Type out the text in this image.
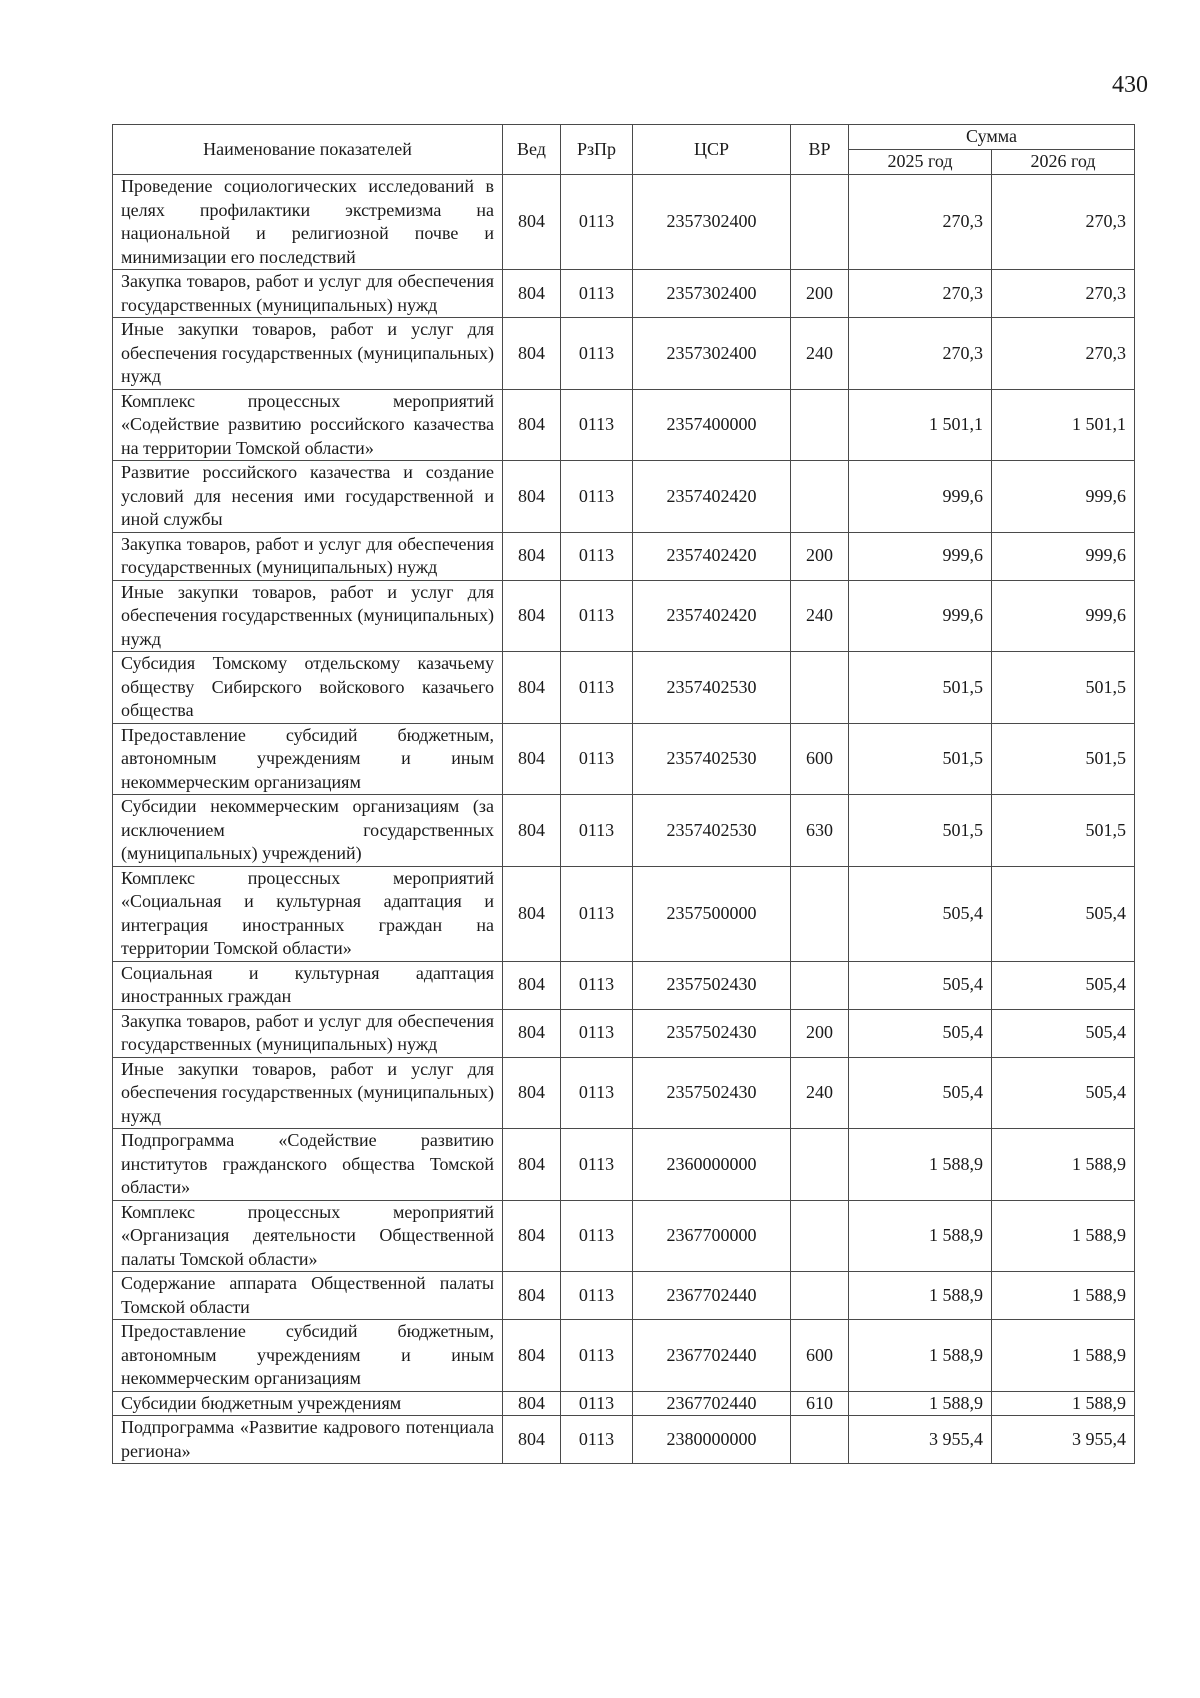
430
Наименование показателей	Вед	РзПр	ЦСР	ВР	Сумма	
					2025 год	2026 год
Проведение социологических исследований в целях профилактики экстремизма на национальной и религиозной почве и минимизации его последствий	804	0113	2357302400		270,3	270,3
Закупка товаров, работ и услуг для обеспечения государственных (муниципальных) нужд	804	0113	2357302400	200	270,3	270,3
Иные закупки товаров, работ и услуг для обеспечения государственных (муниципальных) нужд	804	0113	2357302400	240	270,3	270,3
Комплекс процессных мероприятий «Содействие развитию российского казачества на территории Томской области»	804	0113	2357400000		1 501,1	1 501,1
Развитие российского казачества и создание условий для несения ими государственной и иной службы	804	0113	2357402420		999,6	999,6
Закупка товаров, работ и услуг для обеспечения государственных (муниципальных) нужд	804	0113	2357402420	200	999,6	999,6
Иные закупки товаров, работ и услуг для обеспечения государственных (муниципальных) нужд	804	0113	2357402420	240	999,6	999,6
Субсидия Томскому отдельскому казачьему обществу Сибирского войскового казачьего общества	804	0113	2357402530		501,5	501,5
Предоставление субсидий бюджетным, автономным учреждениям и иным некоммерческим организациям	804	0113	2357402530	600	501,5	501,5
Субсидии некоммерческим организациям (за исключением государственных (муниципальных) учреждений)	804	0113	2357402530	630	501,5	501,5
Комплекс процессных мероприятий «Социальная и культурная адаптация и интеграция иностранных граждан на территории Томской области»	804	0113	2357500000		505,4	505,4
Социальная и культурная адаптация иностранных граждан	804	0113	2357502430		505,4	505,4
Закупка товаров, работ и услуг для обеспечения государственных (муниципальных) нужд	804	0113	2357502430	200	505,4	505,4
Иные закупки товаров, работ и услуг для обеспечения государственных (муниципальных) нужд	804	0113	2357502430	240	505,4	505,4
Подпрограмма «Содействие развитию институтов гражданского общества Томской области»	804	0113	2360000000		1 588,9	1 588,9
Комплекс процессных мероприятий «Организация деятельности Общественной палаты Томской области»	804	0113	2367700000		1 588,9	1 588,9
Содержание аппарата Общественной палаты Томской области	804	0113	2367702440		1 588,9	1 588,9
Предоставление субсидий бюджетным, автономным учреждениям и иным некоммерческим организациям	804	0113	2367702440	600	1 588,9	1 588,9
Субсидии бюджетным учреждениям	804	0113	2367702440	610	1 588,9	1 588,9
Подпрограмма «Развитие кадрового потенциала региона»	804	0113	2380000000		3 955,4	3 955,4
